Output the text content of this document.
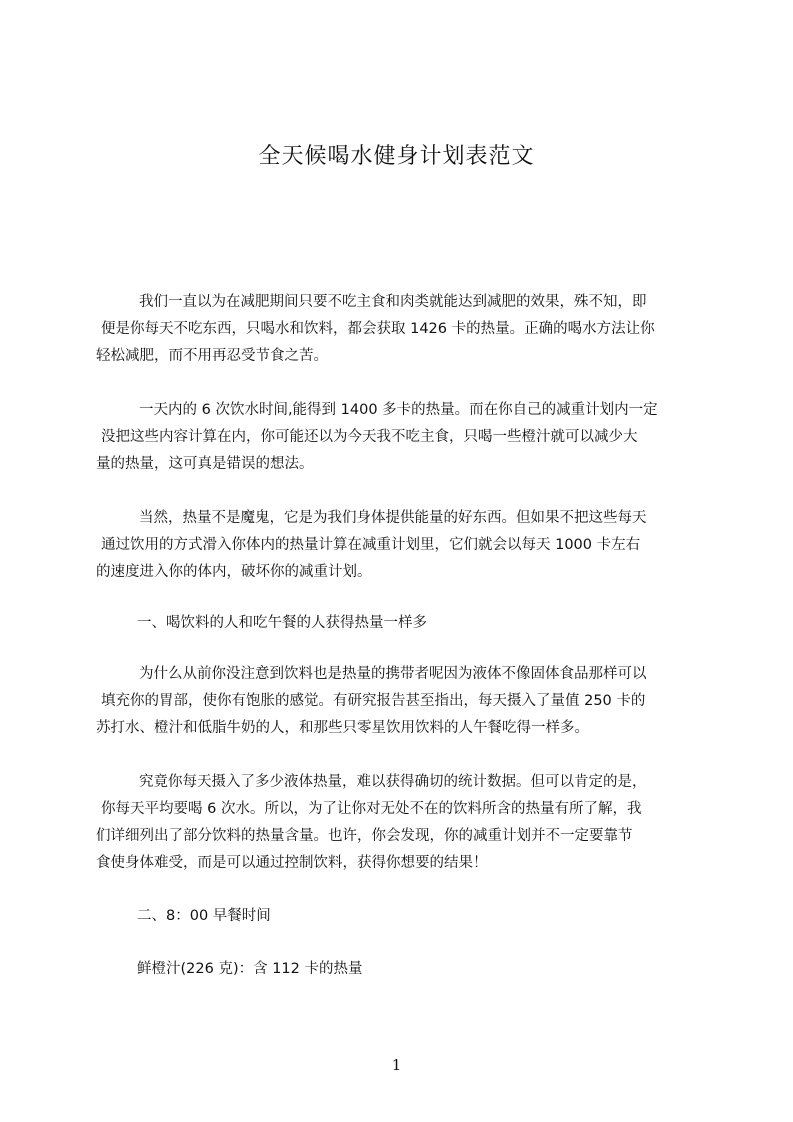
全天候喝水健身计划表范文
我们一直以为在减肥期间只要不吃主食和肉类就能达到减肥的效果，殊不知，即
便是你每天不吃东西，只喝水和饮料，都会获取 1426 卡的热量。正确的喝水方法让你
轻松减肥，而不用再忍受节食之苦。
一天内的 6 次饮水时间,能得到 1400 多卡的热量。而在你自己的减重计划内一定
没把这些内容计算在内，你可能还以为今天我不吃主食，只喝一些橙汁就可以减少大
量的热量，这可真是错误的想法。
当然，热量不是魔鬼，它是为我们身体提供能量的好东西。但如果不把这些每天
通过饮用的方式滑入你体内的热量计算在减重计划里，它们就会以每天 1000 卡左右
的速度进入你的体内，破坏你的减重计划。
一、喝饮料的人和吃午餐的人获得热量一样多
为什么从前你没注意到饮料也是热量的携带者呢因为液体不像固体食品那样可以
填充你的胃部，使你有饱胀的感觉。有研究报告甚至指出，每天摄入了量值 250 卡的
苏打水、橙汁和低脂牛奶的人，和那些只零星饮用饮料的人午餐吃得一样多。
究竟你每天摄入了多少液体热量，难以获得确切的统计数据。但可以肯定的是，
你每天平均要喝 6 次水。所以，为了让你对无处不在的饮料所含的热量有所了解，我
们详细列出了部分饮料的热量含量。也许，你会发现，你的减重计划并不一定要靠节
食使身体难受，而是可以通过控制饮料，获得你想要的结果！
二、8：00 早餐时间
鲜橙汁(226 克)：含 112 卡的热量
1
